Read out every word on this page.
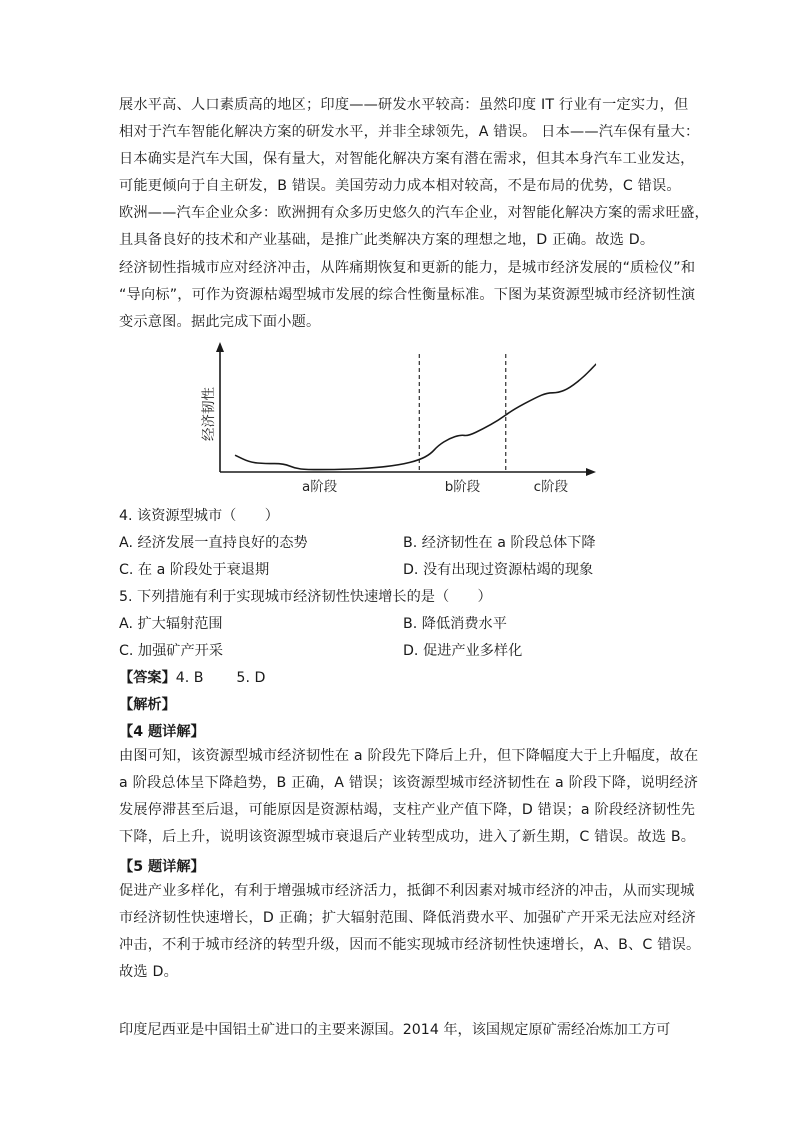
展水平高、人口素质高的地区；印度——研发水平较高：虽然印度 IT 行业有一定实力，但
相对于汽车智能化解决方案的研发水平，并非全球领先，A 错误。 日本——汽车保有量大：
日本确实是汽车大国，保有量大，对智能化解决方案有潜在需求，但其本身汽车工业发达，
可能更倾向于自主研发，B 错误。美国劳动力成本相对较高，不是布局的优势，C 错误。
欧洲——汽车企业众多：欧洲拥有众多历史悠久的汽车企业，对智能化解决方案的需求旺盛，
且具备良好的技术和产业基础，是推广此类解决方案的理想之地，D 正确。故选 D。
经济韧性指城市应对经济冲击，从阵痛期恢复和更新的能力，是城市经济发展的“质检仪”和
“导向标”，可作为资源枯竭型城市发展的综合性衡量标准。下图为某资源型城市经济韧性演
变示意图。据此完成下面小题。
经济韧性
a阶段	b阶段	c阶段

4. 该资源型城市（　　）

A. 经济发展一直持良好的态势	B. 经济韧性在 a 阶段总体下降

C. 在 a 阶段处于衰退期	D. 没有出现过资源枯竭的现象

5. 下列措施有利于实现城市经济韧性快速增长的是（　　）

A. 扩大辐射范围	B. 降低消费水平

C. 加强矿产开采	D. 促进产业多样化

【答案】4. B　　 5. D

【解析】

【4 题详解】

由图可知，该资源型城市经济韧性在 a 阶段先下降后上升，但下降幅度大于上升幅度，故在
a 阶段总体呈下降趋势，B 正确，A 错误；该资源型城市经济韧性在 a 阶段下降，说明经济
发展停滞甚至后退，可能原因是资源枯竭，支柱产业产值下降，D 错误；a 阶段经济韧性先
下降，后上升，说明该资源型城市衰退后产业转型成功，进入了新生期，C 错误。故选 B。

【5 题详解】

促进产业多样化，有利于增强城市经济活力，抵御不利因素对城市经济的冲击，从而实现城
市经济韧性快速增长，D 正确；扩大辐射范围、降低消费水平、加强矿产开采无法应对经济
冲击，不利于城市经济的转型升级，因而不能实现城市经济韧性快速增长，A、B、C 错误。
故选 D。

印度尼西亚是中国铝土矿进口的主要来源国。2014 年，该国规定原矿需经冶炼加工方可
